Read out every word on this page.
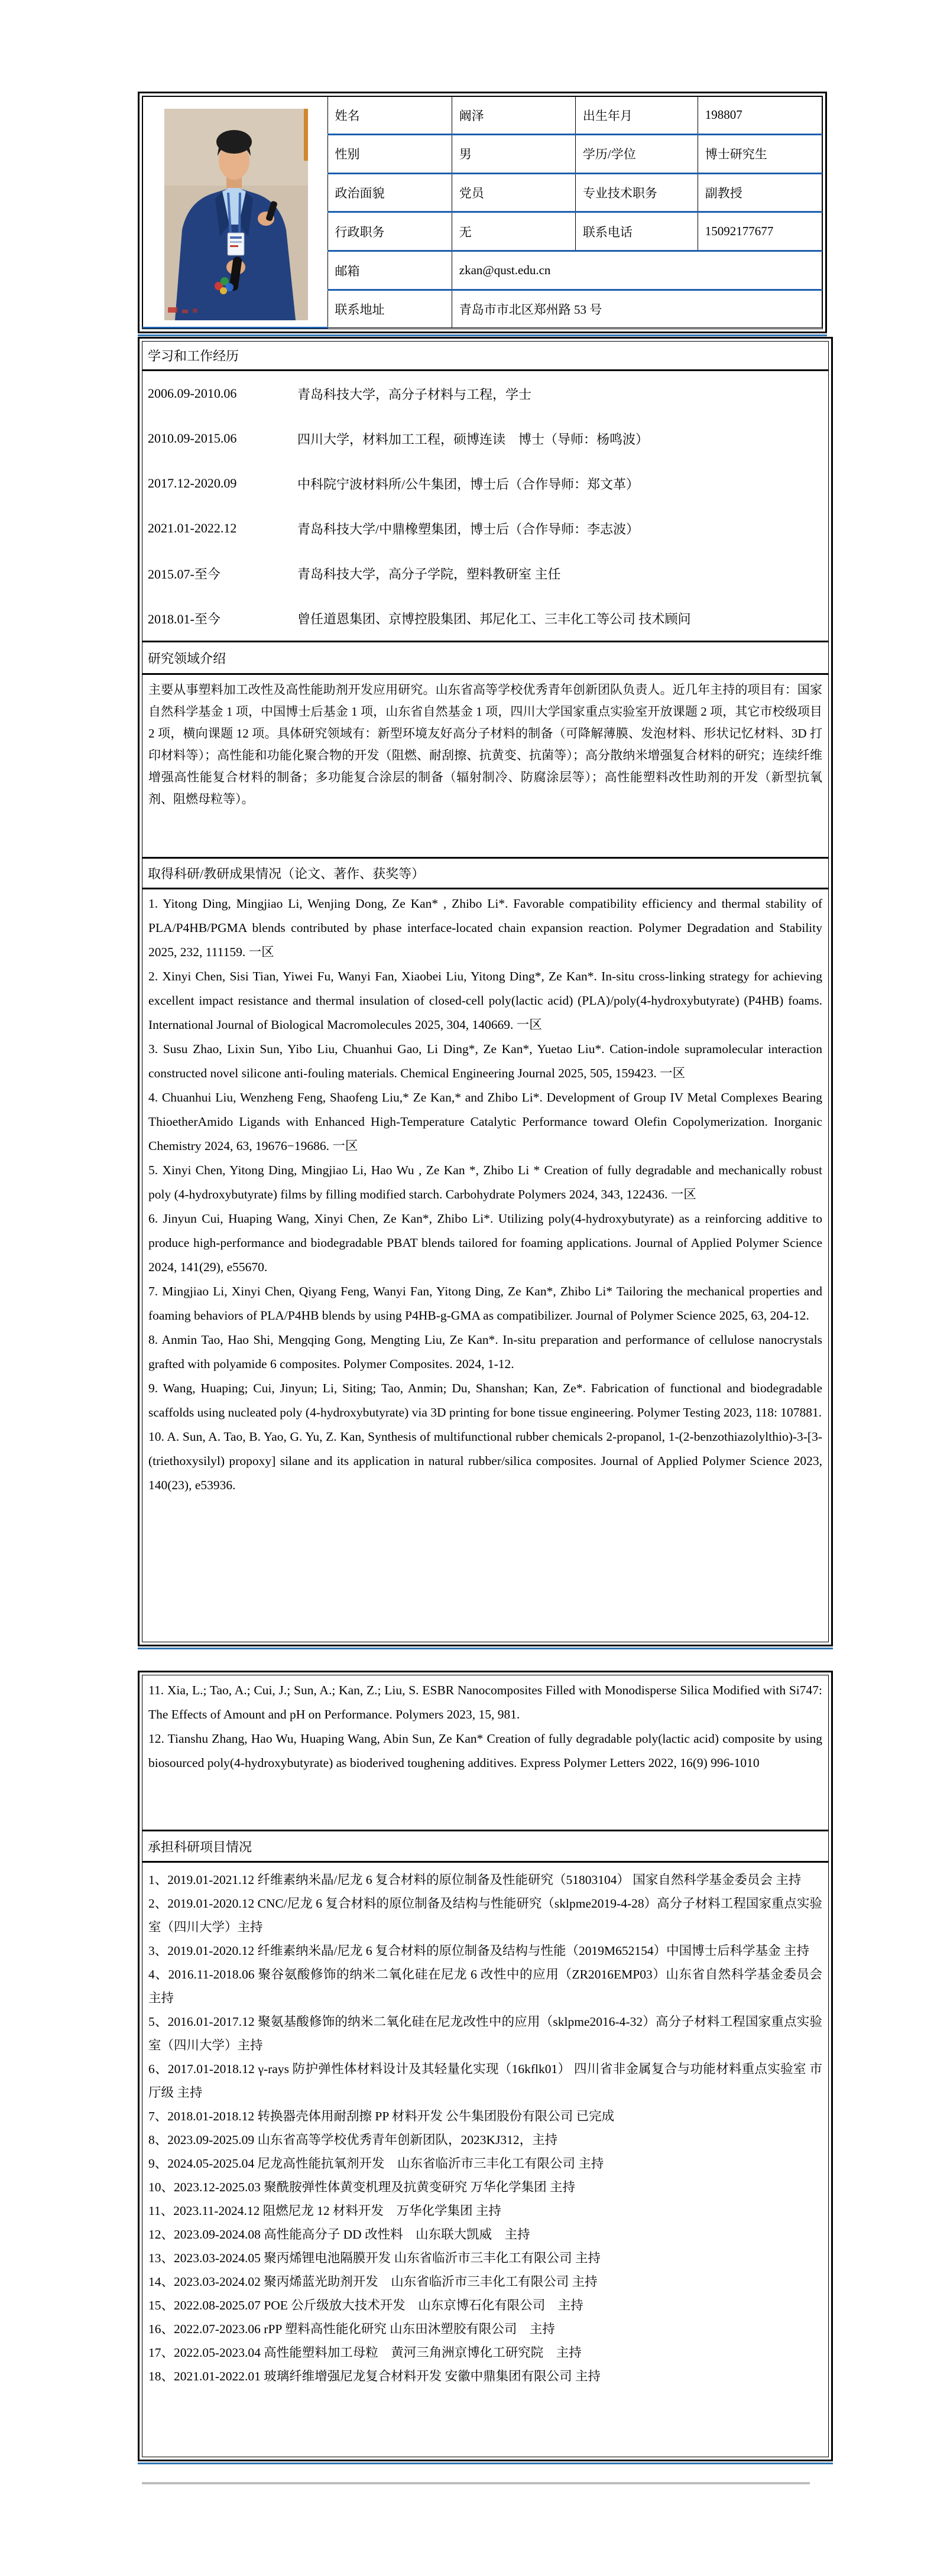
	姓名	阚泽	出生年月	198807
	性别	男	学历/学位	博士研究生
	政治面貌	党员	专业技术职务	副教授
	行政职务	无	联系电话	15092177677
	邮箱	zkan@qust.edu.cn		
	联系地址	青岛市市北区郑州路 53 号		
学习和工作经历
2006.09-2010.06	青岛科技大学，高分子材料与工程，学士
2010.09-2015.06	四川大学，材料加工工程，硕博连读　博士（导师：杨鸣波）
2017.12-2020.09	中科院宁波材料所/公牛集团，博士后（合作导师：郑文革）
2021.01-2022.12	青岛科技大学/中鼎橡塑集团，博士后（合作导师：李志波）
2015.07-至今	青岛科技大学，高分子学院，塑料教研室 主任
2018.01-至今	曾任道恩集团、京博控股集团、邦尼化工、三丰化工等公司 技术顾问
研究领域介绍
主要从事塑料加工改性及高性能助剂开发应用研究。山东省高等学校优秀青年创新团队负责人。近几年主持的项目有：国家自然科学基金 1 项，中国博士后基金 1 项，山东省自然基金 1 项，四川大学国家重点实验室开放课题 2 项，其它市校级项目 2 项，横向课题 12 项。具体研究领域有：新型环境友好高分子材料的制备（可降解薄膜、发泡材料、形状记忆材料、3D 打印材料等）；高性能和功能化聚合物的开发（阻燃、耐刮擦、抗黄变、抗菌等）；高分散纳米增强复合材料的研究；连续纤维增强高性能复合材料的制备；多功能复合涂层的制备（辐射制冷、防腐涂层等）；高性能塑料改性助剂的开发（新型抗氧剂、阻燃母粒等）。
取得科研/教研成果情况（论文、著作、获奖等）

1. Yitong Ding, Mingjiao Li, Wenjing Dong, Ze Kan* , Zhibo Li*. Favorable compatibility efficiency and thermal stability of PLA/P4HB/PGMA blends contributed by phase interface-located chain expansion reaction. Polymer Degradation and Stability 2025, 232, 111159. 一区

2. Xinyi Chen, Sisi Tian, Yiwei Fu, Wanyi Fan, Xiaobei Liu, Yitong Ding*, Ze Kan*. In-situ cross-linking strategy for achieving excellent impact resistance and thermal insulation of closed-cell poly(lactic acid) (PLA)/poly(4-hydroxybutyrate) (P4HB) foams. International Journal of Biological Macromolecules 2025, 304, 140669. 一区

3. Susu Zhao, Lixin Sun, Yibo Liu, Chuanhui Gao, Li Ding*, Ze Kan*, Yuetao Liu*. Cation-indole supramolecular interaction constructed novel silicone anti-fouling materials. Chemical Engineering Journal 2025, 505, 159423. 一区

4. Chuanhui Liu, Wenzheng Feng, Shaofeng Liu,* Ze Kan,* and Zhibo Li*. Development of Group IV Metal Complexes Bearing ThioetherAmido Ligands with Enhanced High-Temperature Catalytic Performance toward Olefin Copolymerization. Inorganic Chemistry 2024, 63, 19676−19686. 一区

5. Xinyi Chen, Yitong Ding, Mingjiao Li, Hao Wu , Ze Kan *, Zhibo Li * Creation of fully degradable and mechanically robust poly (4-hydroxybutyrate) films by filling modified starch. Carbohydrate Polymers 2024, 343, 122436. 一区

6. Jinyun Cui, Huaping Wang, Xinyi Chen, Ze Kan*, Zhibo Li*. Utilizing poly(4-hydroxybutyrate) as a reinforcing additive to produce high-performance and biodegradable PBAT blends tailored for foaming applications. Journal of Applied Polymer Science 2024, 141(29), e55670.

7. Mingjiao Li, Xinyi Chen, Qiyang Feng, Wanyi Fan, Yitong Ding, Ze Kan*, Zhibo Li* Tailoring the mechanical properties and foaming behaviors of PLA/P4HB blends by using P4HB-g-GMA as compatibilizer. Journal of Polymer Science 2025, 63, 204-12.

8. Anmin Tao, Hao Shi, Mengqing Gong, Mengting Liu, Ze Kan*. In-situ preparation and performance of cellulose nanocrystals grafted with polyamide 6 composites. Polymer Composites. 2024, 1-12.

9. Wang, Huaping; Cui, Jinyun; Li, Siting; Tao, Anmin; Du, Shanshan; Kan, Ze*. Fabrication of functional and biodegradable scaffolds using nucleated poly (4-hydroxybutyrate) via 3D printing for bone tissue engineering. Polymer Testing 2023, 118: 107881.

10. A. Sun, A. Tao, B. Yao, G. Yu, Z. Kan, Synthesis of multifunctional rubber chemicals 2-propanol, 1-(2-benzothiazolylthio)-3-[3-(triethoxysilyl) propoxy] silane and its application in natural rubber/silica composites. Journal of Applied Polymer Science 2023, 140(23), e53936.

11. Xia, L.; Tao, A.; Cui, J.; Sun, A.; Kan, Z.; Liu, S. ESBR Nanocomposites Filled with Monodisperse Silica Modified with Si747: The Effects of Amount and pH on Performance. Polymers 2023, 15, 981.

12. Tianshu Zhang, Hao Wu, Huaping Wang, Abin Sun, Ze Kan* Creation of fully degradable poly(lactic acid) composite by using biosourced poly(4-hydroxybutyrate) as bioderived toughening additives. Express Polymer Letters 2022, 16(9) 996-1010

承担科研项目情况

1、2019.01-2021.12 纤维素纳米晶/尼龙 6 复合材料的原位制备及性能研究（51803104） 国家自然科学基金委员会 主持

2、2019.01-2020.12 CNC/尼龙 6 复合材料的原位制备及结构与性能研究（sklpme2019-4-28）高分子材料工程国家重点实验室（四川大学）主持

3、2019.01-2020.12 纤维素纳米晶/尼龙 6 复合材料的原位制备及结构与性能（2019M652154）中国博士后科学基金 主持

4、2016.11-2018.06 聚谷氨酸修饰的纳米二氧化硅在尼龙 6 改性中的应用（ZR2016EMP03）山东省自然科学基金委员会 主持

5、2016.01-2017.12 聚氨基酸修饰的纳米二氧化硅在尼龙改性中的应用（sklpme2016-4-32）高分子材料工程国家重点实验室（四川大学）主持

6、2017.01-2018.12 γ-rays 防护弹性体材料设计及其轻量化实现（16kflk01） 四川省非金属复合与功能材料重点实验室 市厅级 主持

7、2018.01-2018.12 转换器壳体用耐刮擦 PP 材料开发 公牛集团股份有限公司 已完成

8、2023.09-2025.09 山东省高等学校优秀青年创新团队，2023KJ312，主持

9、2024.05-2025.04 尼龙高性能抗氧剂开发　山东省临沂市三丰化工有限公司 主持

10、2023.12-2025.03 聚酰胺弹性体黄变机理及抗黄变研究 万华化学集团 主持

11、2023.11-2024.12 阻燃尼龙 12 材料开发　万华化学集团 主持

12、2023.09-2024.08 高性能高分子 DD 改性料　山东联大凯威　主持

13、2023.03-2024.05 聚丙烯锂电池隔膜开发 山东省临沂市三丰化工有限公司 主持

14、2023.03-2024.02 聚丙烯蓝光助剂开发　山东省临沂市三丰化工有限公司 主持

15、2022.08-2025.07 POE 公斤级放大技术开发　山东京博石化有限公司　主持

16、2022.07-2023.06 rPP 塑料高性能化研究 山东田沐塑胶有限公司　主持

17、2022.05-2023.04 高性能塑料加工母粒　黄河三角洲京博化工研究院　主持

18、2021.01-2022.01 玻璃纤维增强尼龙复合材料开发 安徽中鼎集团有限公司 主持
